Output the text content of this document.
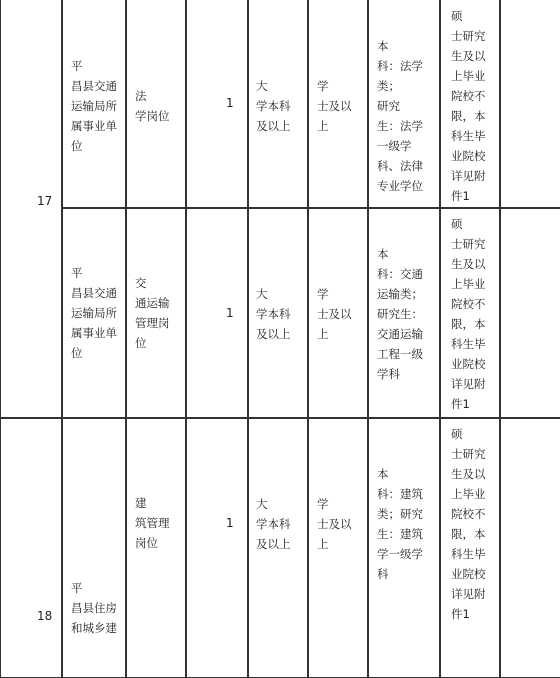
17
18
平
昌县交通
运输局所
属事业单
位
法
学岗位
1
大
学本科
及以上
学
士及以
上
本
科：法学
类；
研究
生：法学
一级学
科、法律
专业学位
硕
士研究
生及以
上毕业
院校不
限，本
科生毕
业院校
详见附
件1
平
昌县交通
运输局所
属事业单
位
交
通运输
管理岗
位
1
大
学本科
及以上
学
士及以
上
本
科：交通
运输类；
研究生：
交通运输
工程一级
学科
硕
士研究
生及以
上毕业
院校不
限，本
科生毕
业院校
详见附
件1
平
昌县住房
和城乡建
建
筑管理
岗位
1
大
学本科
及以上
学
士及以
上
本
科：建筑
类；研究
生：建筑
学一级学
科
硕
士研究
生及以
上毕业
院校不
限，本
科生毕
业院校
详见附
件1
